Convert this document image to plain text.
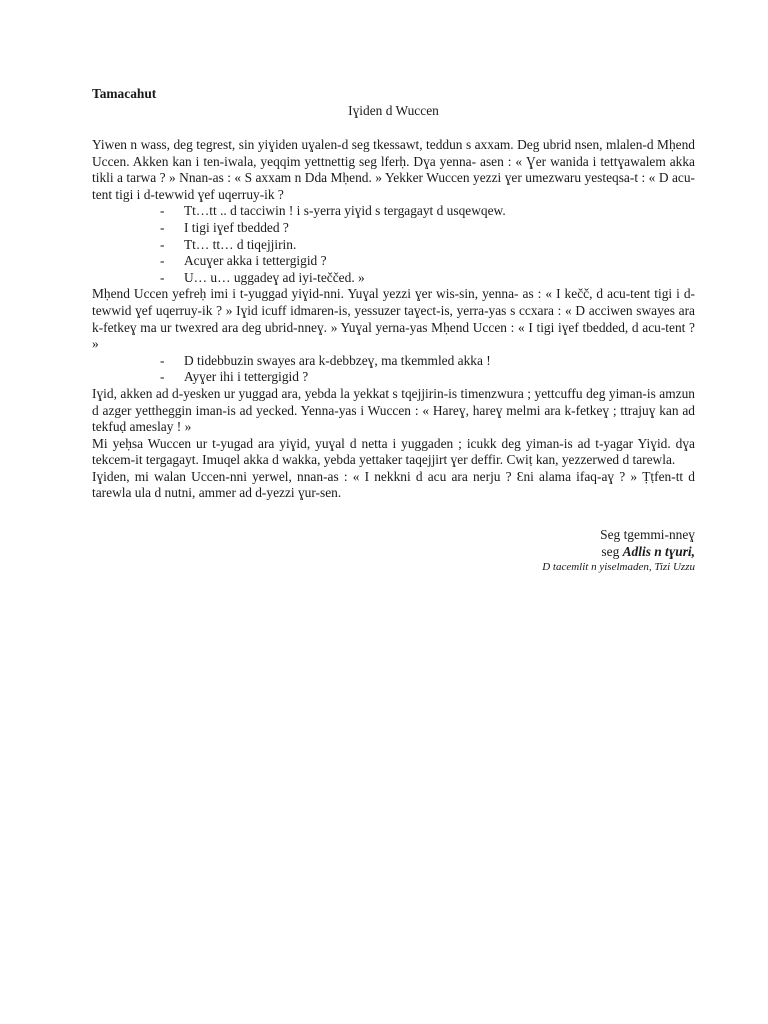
Tamacahut

Iɣiden d Wuccen

Yiwen n wass, deg tegrest, sin yiɣiden uɣalen-d seg tkessawt, teddun s axxam. Deg ubrid nsen, mlalen-d Mḥend Uccen. Akken kan i ten-iwala, yeqqim yettnettig seg lferḥ. Dɣa yenna- asen : « Ɣer wanida i tettɣawalem akka tikli a tarwa ? » Nnan-as : « S axxam n Dda Mḥend. » Yekker Wuccen yezzi ɣer umezwaru yesteqsa-t : « D acu-tent tigi i d-tewwid ɣef uqerruy-ik ?

- Tt…tt .. d tacciwin ! i s-yerra yiɣid s tergagayt d usqewqew.
- I tigi iɣef tbedded ?
- Tt… tt… d tiqejjirin.
- Acuɣer akka i tettergigid ?
- U… u… uggadeɣ ad iyi-teččed. »

Mḥend Uccen yefreḥ imi i t-yuggad yiɣid-nni. Yuɣal yezzi ɣer wis-sin, yenna- as : « I kečč, d acu-tent tigi i d-tewwid ɣef uqerruy-ik ? » Iɣid icuff idmaren-is, yessuzer taɣect-is, yerra-yas s ccxara : « D acciwen swayes ara k-fetkeɣ ma ur twexred ara deg ubrid-nneɣ. » Yuɣal yerna-yas Mḥend Uccen : « I tigi iɣef tbedded, d acu-tent ? »

- D tidebbuzin swayes ara k-debbzeɣ, ma tkemmled akka !
- Ayɣer ihi i tettergigid ?

Iɣid, akken ad d-yesken ur yuggad ara, yebda la yekkat s tqejjirin-is timenzwura ; yettcuffu deg yiman-is amzun d azger yettheggin iman-is ad yecked. Yenna-yas i Wuccen : « Hareɣ, hareɣ melmi ara k-fetkeɣ ; ttrajuɣ kan ad tekfuḍ ameslay ! »

Mi yeḥsa Wuccen ur t-yugad ara yiɣid, yuɣal d netta i yuggaden ; icukk deg yiman-is ad t-yagar Yiɣid. dɣa tekcem-it tergagayt. Imuqel akka d wakka, yebda yettaker taqejjirt ɣer deffir. Cwiṭ kan, yezzerwed d tarewla.

Iɣiden, mi walan Uccen-nni yerwel, nnan-as : « I nekkni d acu ara nerju ? Ɛni alama ifaq-aɣ ? » Ṭṭfen-tt d tarewla ula d nutni, ammer ad d-yezzi ɣur-sen.

Seg tgemmi-nneɣ
seg Adlis n tɣuri,
D tacemlit n yiselmaden, Tizi Uzzu
